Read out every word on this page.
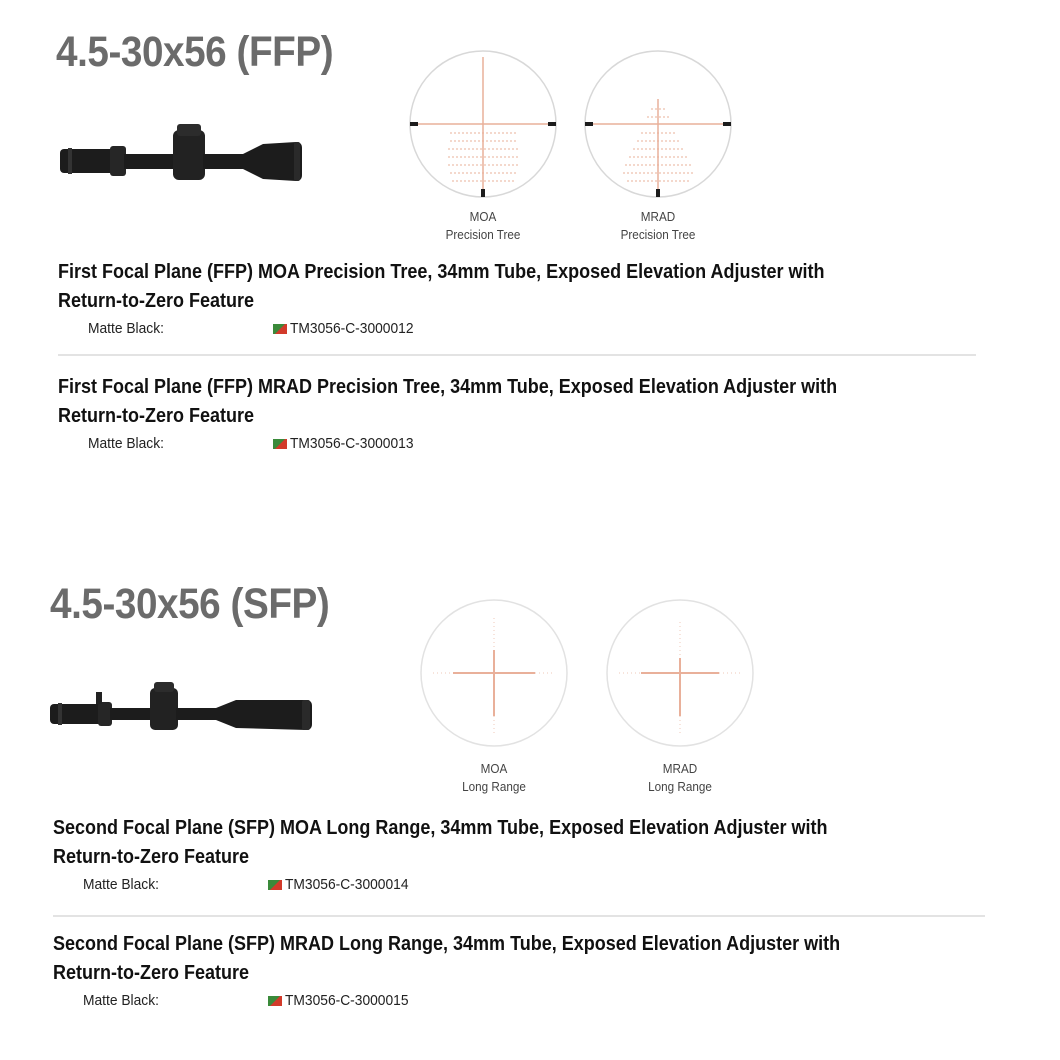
4.5-30x56 (FFP)
MOA
Precision Tree
MRAD
Precision Tree

First Focal Plane (FFP) MOA Precision Tree, 34mm Tube, Exposed Elevation Adjuster with
Return-to-Zero Feature

Matte Black:	TM3056-C-3000012

First Focal Plane (FFP) MRAD Precision Tree, 34mm Tube, Exposed Elevation Adjuster with
Return-to-Zero Feature

Matte Black:	TM3056-C-3000013
4.5-30x56 (SFP)
MOA
Long Range
MRAD
Long Range

Second Focal Plane (SFP) MOA Long Range, 34mm Tube, Exposed Elevation Adjuster with
Return-to-Zero Feature

Matte Black:	TM3056-C-3000014

Second Focal Plane (SFP) MRAD Long Range, 34mm Tube, Exposed Elevation Adjuster with
Return-to-Zero Feature

Matte Black:	TM3056-C-3000015
